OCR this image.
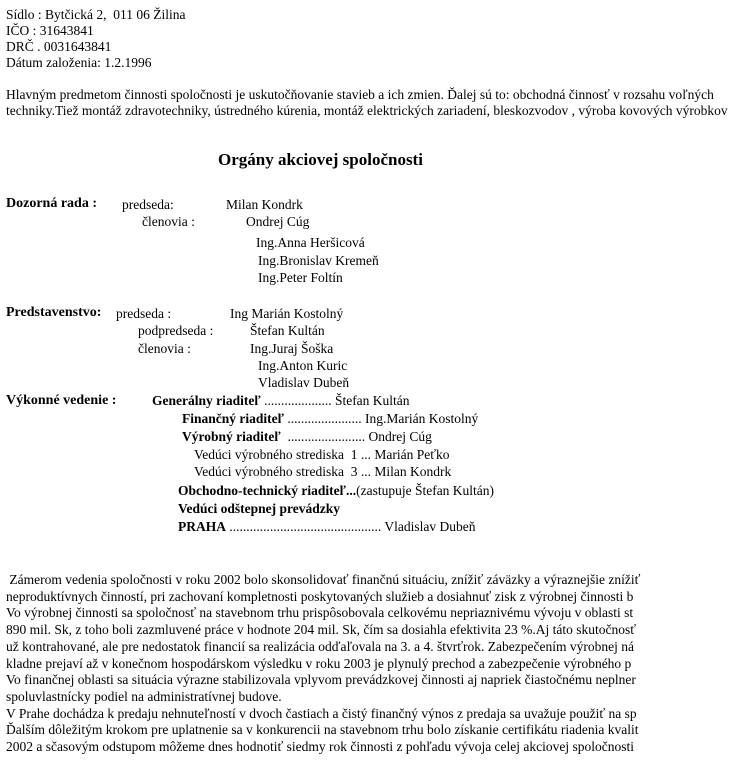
Sídlo : Bytčická 2,  011 06 Žilina
IČO : 31643841
DRČ . 0031643841
Dátum založenia: 1.2.1996
Hlavným predmetom činnosti spoločnosti je uskutočňovanie stavieb a ich zmien. Ďalej sú to: obchodná činnosť v rozsahu voľných
techniky.Tiež montáž zdravotechniky, ústredného kúrenia, montáž elektrických zariadení, bleskozvodov , výroba kovových výrobkov
Orgány akciovej spoločnosti
Dozorná rada : predseda:	Milan Kondrk
členovia :	Ondrej Cúg
Ing.Anna Heršicová
Ing.Bronislav Kremeň
Ing.Peter Foltín
Predstavenstvo: predseda :	Ing Marián Kostolný
podpredseda :	Štefan Kultán
členovia :	Ing.Juraj Šoška
Ing.Anton Kuric
Vladislav Dubeň
Výkonné vedenie :	Generálny riaditeľ .................... Štefan Kultán
Finančný riaditeľ ...................... Ing.Marián Kostolný
Výrobný riaditeľ  ....................... Ondrej Cúg
Vedúci výrobného strediska  1 ... Marián Peťko
Vedúci výrobného strediska  3 ... Milan Kondrk
Obchodno-technický riaditeľ...(zastupuje Štefan Kultán)
Vedúci odštepnej prevádzky
PRAHA ............................................. Vladislav Dubeň
Zámerom vedenia spoločnosti v roku 2002 bolo skonsolidovať finančnú situáciu, znížiť záväzky a výraznejšie znížiť
neproduktívnych činností, pri zachovaní kompletnosti poskytovaných služieb a dosiahnuť zisk z výrobnej činnosti b
Vo výrobnej činnosti sa spoločnosť na stavebnom trhu prispôsobovala celkovému nepriaznivému vývoju v oblasti st
890 mil. Sk, z toho boli zazmluvené práce v hodnote 204 mil. Sk, čím sa dosiahla efektivita 23 %.Aj táto skutočnosť
už kontrahované, ale pre nedostatok financií sa realizácia odďaľovala na 3. a 4. štvrťrok. Zabezpečením výrobnej ná
kladne prejaví až v konečnom hospodárskom výsledku v roku 2003 je plynulý prechod a zabezpečenie výrobného p
Vo finančnej oblasti sa situácia výrazne stabilizovala vplyvom prevádzkovej činnosti aj napriek čiastočnému neplner
spoluvlastnícky podiel na administratívnej budove.
V Prahe dochádza k predaju nehnuteľností v dvoch častiach a čistý finančný výnos z predaja sa uvažuje použiť na sp
Ďalším dôležitým krokom pre uplatnenie sa v konkurencii na stavebnom trhu bolo získanie certifikátu riadenia kvalit
2002 a sčasovým odstupom môžeme dnes hodnotiť siedmy rok činnosti z pohľadu vývoja celej akciovej spoločnosti
